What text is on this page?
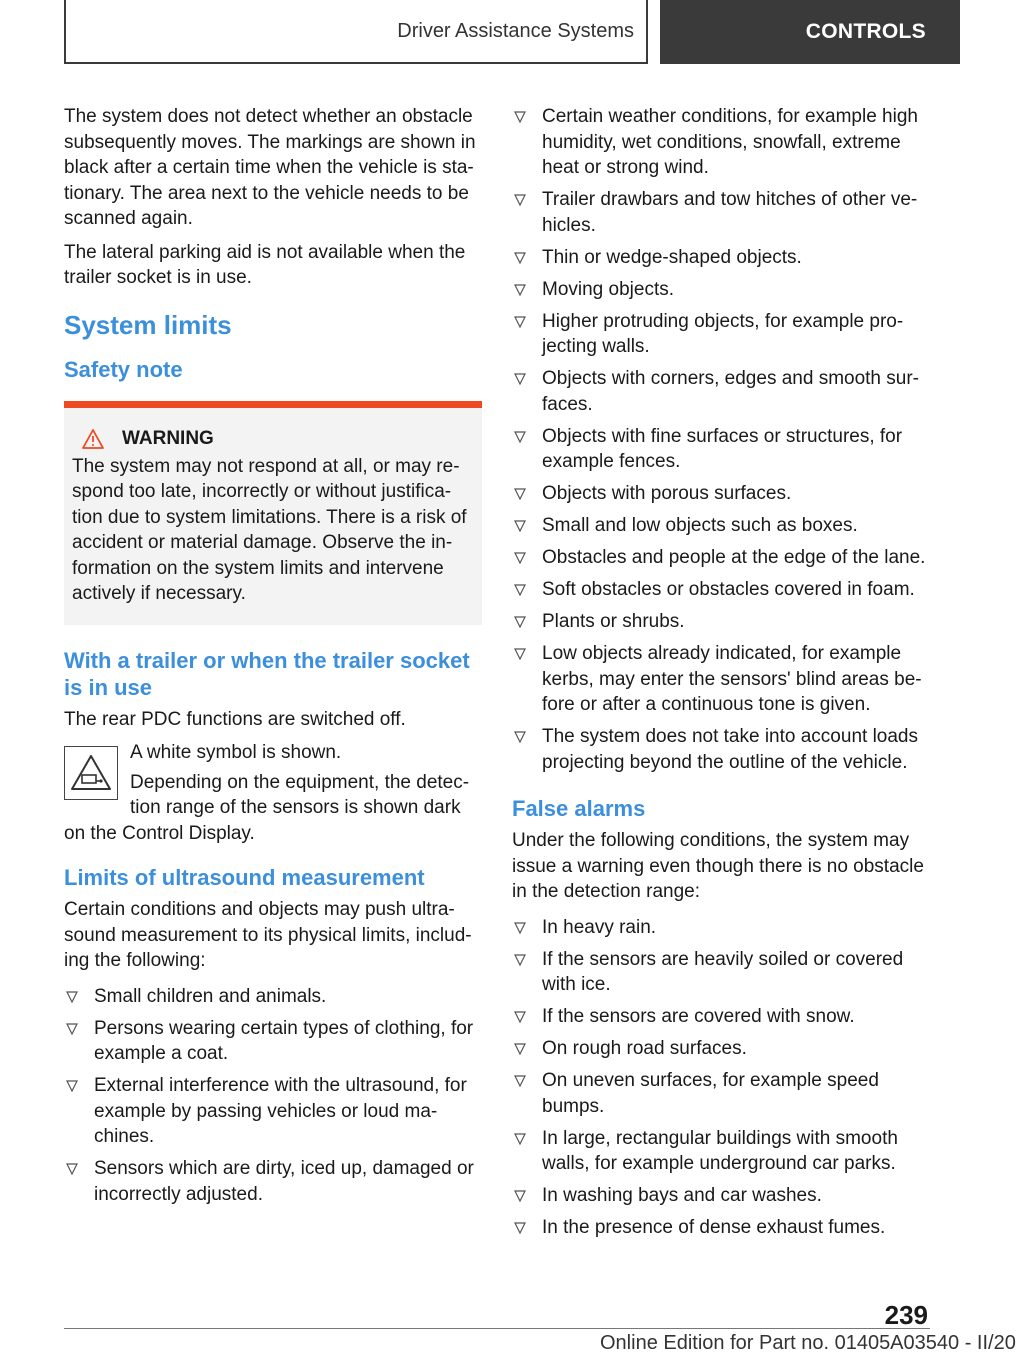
Driver Assistance Systems	CONTROLS

The system does not detect whether an obstacle subsequently moves. The markings are shown in black after a certain time when the vehicle is sta-tionary. The area next to the vehicle needs to be scanned again.

The lateral parking aid is not available when the trailer socket is in use.

System limits
Safety note
WARNING
The system may not respond at all, or may re-spond too late, incorrectly or without justifica-tion due to system limitations. There is a risk of accident or material damage. Observe the in-formation on the system limits and intervene actively if necessary.
With a trailer or when the trailer socket is in use

The rear PDC functions are switched off.

A white symbol is shown.

Depending on the equipment, the detec-tion range of the sensors is shown dark on the Control Display.

Limits of ultrasound measurement

Certain conditions and objects may push ultra-sound measurement to its physical limits, includ-ing the following:

Small children and animals.
Persons wearing certain types of clothing, for example a coat.
External interference with the ultrasound, for example by passing vehicles or loud ma-chines.
Sensors which are dirty, iced up, damaged or incorrectly adjusted.
Certain weather conditions, for example high humidity, wet conditions, snowfall, extreme heat or strong wind.
Trailer drawbars and tow hitches of other ve-hicles.
Thin or wedge-shaped objects.
Moving objects.
Higher protruding objects, for example pro-jecting walls.
Objects with corners, edges and smooth sur-faces.
Objects with fine surfaces or structures, for example fences.
Objects with porous surfaces.
Small and low objects such as boxes.
Obstacles and people at the edge of the lane.
Soft obstacles or obstacles covered in foam.
Plants or shrubs.
Low objects already indicated, for example kerbs, may enter the sensors' blind areas be-fore or after a continuous tone is given.
The system does not take into account loads projecting beyond the outline of the vehicle.
False alarms

Under the following conditions, the system may issue a warning even though there is no obstacle in the detection range:

In heavy rain.
If the sensors are heavily soiled or covered with ice.
If the sensors are covered with snow.
On rough road surfaces.
On uneven surfaces, for example speed bumps.
In large, rectangular buildings with smooth walls, for example underground car parks.
In washing bays and car washes.
In the presence of dense exhaust fumes.
239
Online Edition for Part no. 01405A03540 - II/20
